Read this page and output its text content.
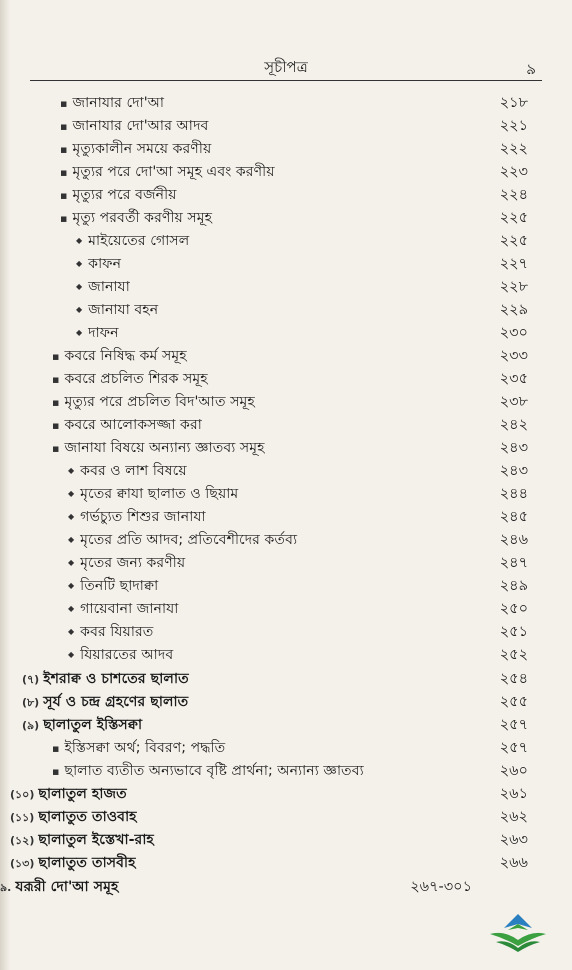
সূচীপত্র	৯
▪ জানাযার দো'আ	২১৮
▪ জানাযার দো'আর আদব	২২১
▪ মৃত্যুকালীন সময়ে করণীয়	২২২
▪ মৃত্যুর পরে দো'আ সমূহ এবং করণীয়	২২৩
▪ মৃত্যুর পরে বর্জনীয়	২২৪
▪ মৃত্যু পরবর্তী করণীয় সমূহ	২২৫
◆ মাইয়েতের গোসল	২২৫
◆ কাফন	২২৭
◆ জানাযা	২২৮
◆ জানাযা বহন	২২৯
◆ দাফন	২৩০
▪ কবরে নিষিদ্ধ কর্ম সমূহ	২৩৩
▪ কবরে প্রচলিত শিরক সমূহ	২৩৫
▪ মৃত্যুর পরে প্রচলিত বিদ'আত সমূহ	২৩৮
▪ কবরে আলোকসজ্জা করা	২৪২
▪ জানাযা বিষয়ে অন্যান্য জ্ঞাতব্য সমূহ	২৪৩
◆ কবর ও লাশ বিষয়ে	২৪৩
◆ মৃতের ক্বাযা ছালাত ও ছিয়াম	২৪৪
◆ গর্ভচ্যুত শিশুর জানাযা	২৪৫
◆ মৃতের প্রতি আদব; প্রতিবেশীদের কর্তব্য	২৪৬
◆ মৃতের জন্য করণীয়	২৪৭
◆ তিনটি ছাদাক্বা	২৪৯
◆ গায়েবানা জানাযা	২৫০
◆ কবর যিয়ারত	২৫১
◆ যিয়ারতের আদব	২৫২
(৭) ইশরাক্ব ও চাশতের ছালাত	২৫৪
(৮) সূর্য ও চন্দ্র গ্রহণের ছালাত	২৫৫
(৯) ছালাতুল ইস্তিসক্বা	২৫৭
▪ ইস্তিসক্বা অর্থ; বিবরণ; পদ্ধতি	২৫৭
▪ ছালাত ব্যতীত অন্যভাবে বৃষ্টি প্রার্থনা; অন্যান্য জ্ঞাতব্য	২৬০
(১০) ছালাতুল হাজত	২৬১
(১১) ছালাতুত তাওবাহ	২৬২
(১২) ছালাতুল ইস্তেখা-রাহ	২৬৩
(১৩) ছালাতুত তাসবীহ	২৬৬
৯. যরূরী দো'আ সমূহ	২৬৭-৩০১
